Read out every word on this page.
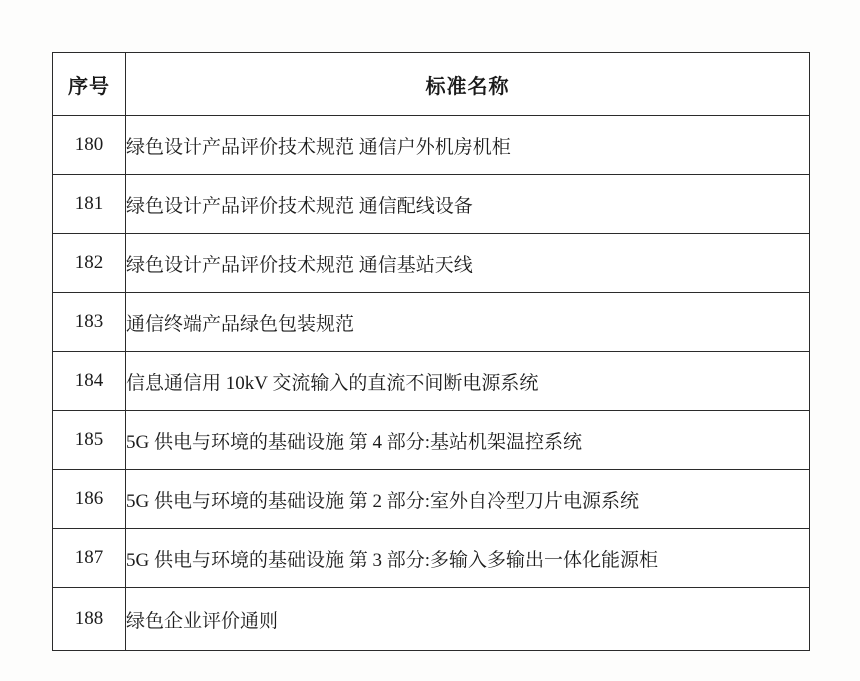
序号	标准名称
180	绿色设计产品评价技术规范 通信户外机房机柜
181	绿色设计产品评价技术规范 通信配线设备
182	绿色设计产品评价技术规范 通信基站天线
183	通信终端产品绿色包装规范
184	信息通信用 10kV 交流输入的直流不间断电源系统
185	5G 供电与环境的基础设施 第 4 部分:基站机架温控系统
186	5G 供电与环境的基础设施 第 2 部分:室外自冷型刀片电源系统
187	5G 供电与环境的基础设施 第 3 部分:多输入多输出一体化能源柜
188	绿色企业评价通则
